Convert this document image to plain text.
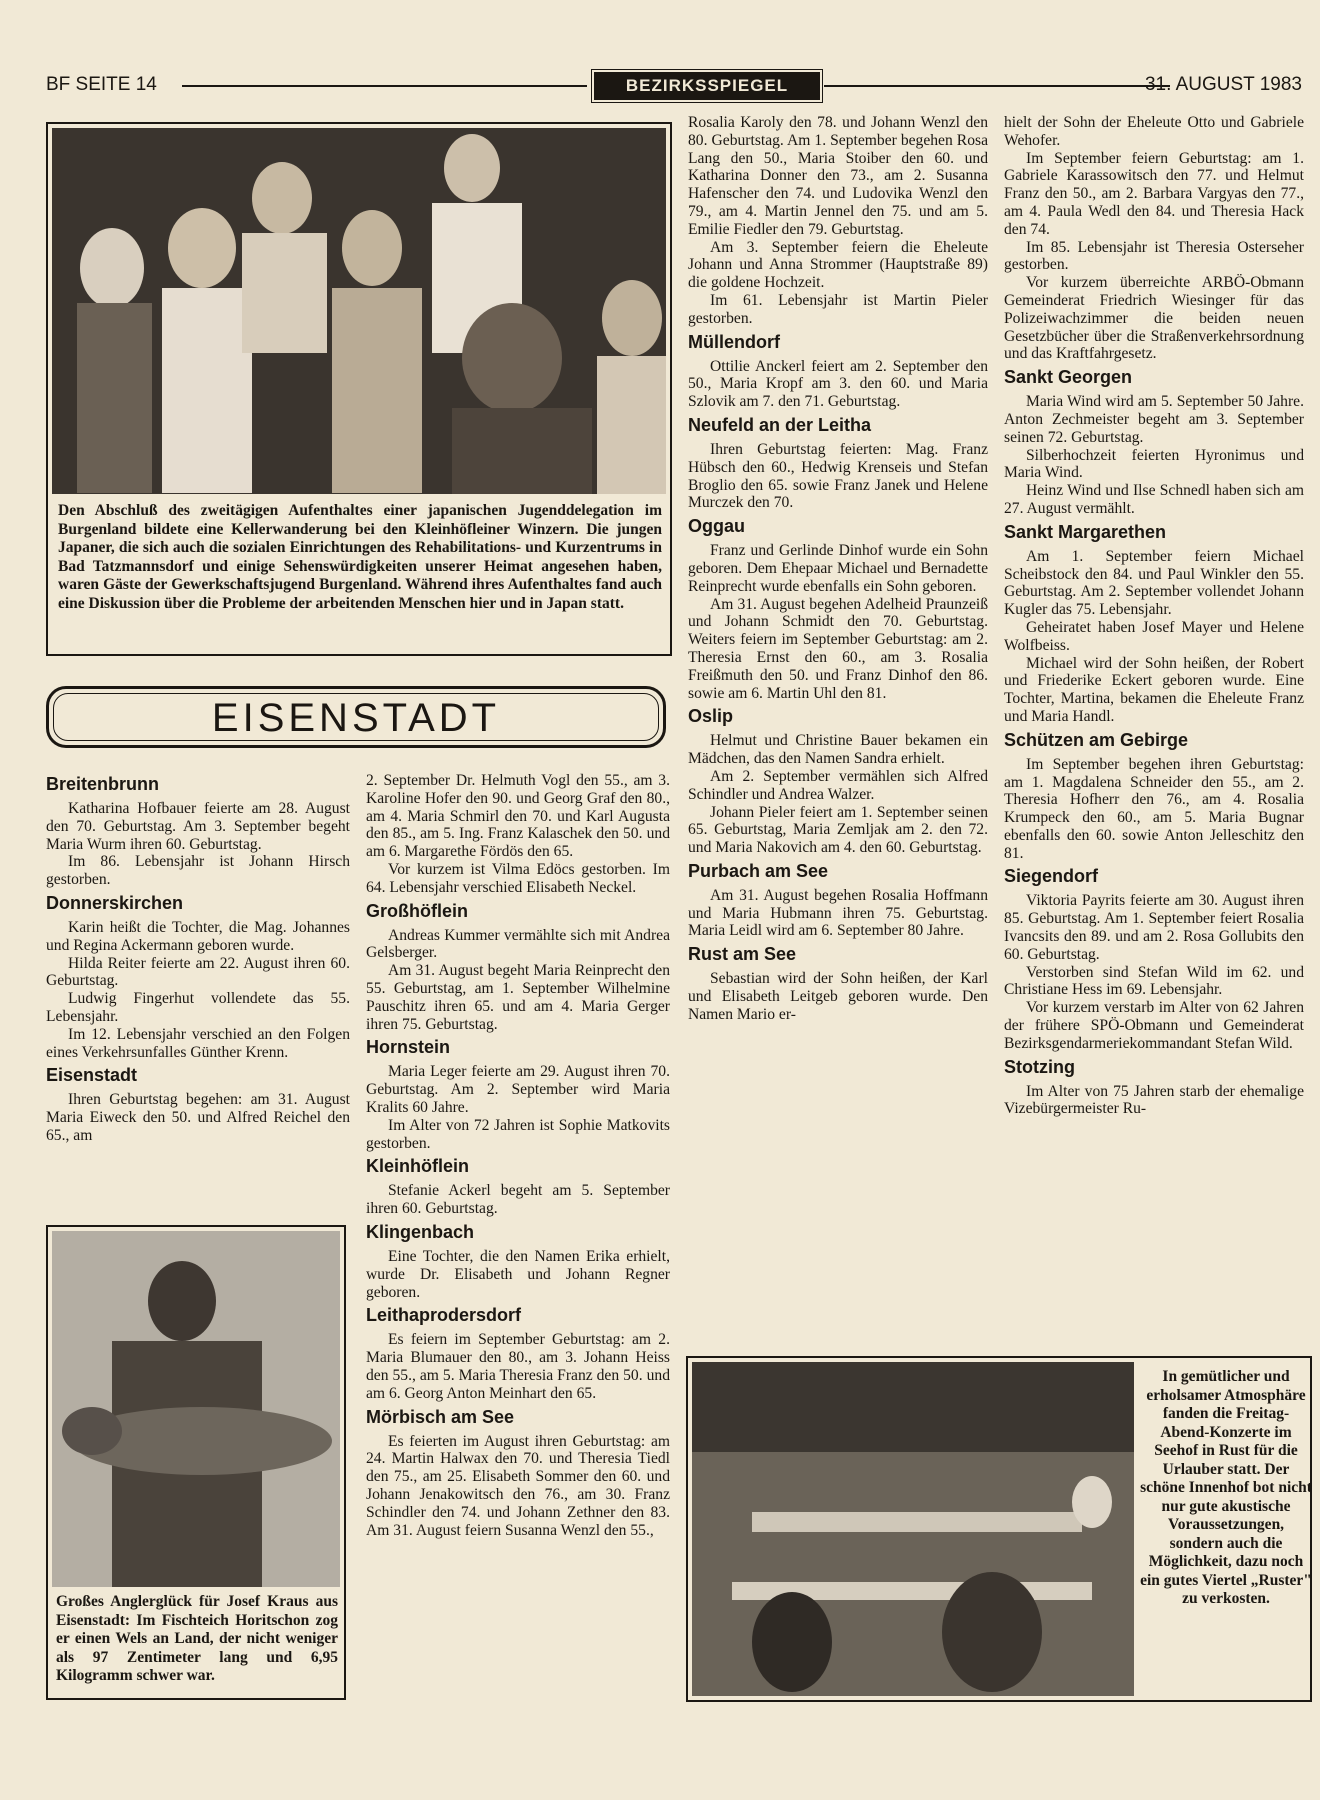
BF SEITE 14	BEZIRKSSPIEGEL	31. AUGUST 1983
Den Abschluß des zweitägigen Aufenthaltes einer japanischen Jugenddelegation im Burgenland bildete eine Kellerwanderung bei den Kleinhöfleiner Winzern. Die jungen Japaner, die sich auch die sozialen Einrichtungen des Rehabilitations- und Kurzentrums in Bad Tatzmannsdorf und einige Sehenswürdigkeiten unserer Heimat angesehen haben, waren Gäste der Gewerkschaftsjugend Burgenland. Während ihres Aufenthaltes fand auch eine Diskussion über die Probleme der arbeitenden Menschen hier und in Japan statt.
EISENSTADT
Breitenbrunn

Katharina Hofbauer feierte am 28. August den 70. Geburtstag. Am 3. September begeht Maria Wurm ihren 60. Geburtstag.

Im 86. Lebensjahr ist Johann Hirsch gestorben.

Donnerskirchen

Karin heißt die Tochter, die Mag. Johannes und Regina Ackermann geboren wurde.

Hilda Reiter feierte am 22. August ihren 60. Geburtstag.

Ludwig Fingerhut vollendete das 55. Lebensjahr.

Im 12. Lebensjahr verschied an den Folgen eines Verkehrsunfalles Günther Krenn.

Eisenstadt

Ihren Geburtstag begehen: am 31. August Maria Eiweck den 50. und Alfred Reichel den 65., am

Großes Anglerglück für Josef Kraus aus Eisenstadt: Im Fischteich Horitschon zog er einen Wels an Land, der nicht weniger als 97 Zentimeter lang und 6,95 Kilogramm schwer war.

2. September Dr. Helmuth Vogl den 55., am 3. Karoline Hofer den 90. und Georg Graf den 80., am 4. Maria Schmirl den 70. und Karl Augusta den 85., am 5. Ing. Franz Kalaschek den 50. und am 6. Margarethe Fördös den 65.

Vor kurzem ist Vilma Edöcs gestorben. Im 64. Lebensjahr verschied Elisabeth Neckel.

Großhöflein

Andreas Kummer vermählte sich mit Andrea Gelsberger.

Am 31. August begeht Maria Reinprecht den 55. Geburtstag, am 1. September Wilhelmine Pauschitz ihren 65. und am 4. Maria Gerger ihren 75. Geburtstag.

Hornstein

Maria Leger feierte am 29. August ihren 70. Geburtstag. Am 2. September wird Maria Kralits 60 Jahre.

Im Alter von 72 Jahren ist Sophie Matkovits gestorben.

Kleinhöflein

Stefanie Ackerl begeht am 5. September ihren 60. Geburtstag.

Klingenbach

Eine Tochter, die den Namen Erika erhielt, wurde Dr. Elisabeth und Johann Regner geboren.

Leithaprodersdorf

Es feiern im September Geburtstag: am 2. Maria Blumauer den 80., am 3. Johann Heiss den 55., am 5. Maria Theresia Franz den 50. und am 6. Georg Anton Meinhart den 65.

Mörbisch am See

Es feierten im August ihren Geburtstag: am 24. Martin Halwax den 70. und Theresia Tiedl den 75., am 25. Elisabeth Sommer den 60. und Johann Jenakowitsch den 76., am 30. Franz Schindler den 74. und Johann Zethner den 83. Am 31. August feiern Susanna Wenzl den 55.,

Rosalia Karoly den 78. und Johann Wenzl den 80. Geburtstag. Am 1. September begehen Rosa Lang den 50., Maria Stoiber den 60. und Katharina Donner den 73., am 2. Susanna Hafenscher den 74. und Ludovika Wenzl den 79., am 4. Martin Jennel den 75. und am 5. Emilie Fiedler den 79. Geburtstag.

Am 3. September feiern die Eheleute Johann und Anna Strommer (Hauptstraße 89) die goldene Hochzeit.

Im 61. Lebensjahr ist Martin Pieler gestorben.

Müllendorf

Ottilie Anckerl feiert am 2. September den 50., Maria Kropf am 3. den 60. und Maria Szlovik am 7. den 71. Geburtstag.

Neufeld an der Leitha

Ihren Geburtstag feierten: Mag. Franz Hübsch den 60., Hedwig Krenseis und Stefan Broglio den 65. sowie Franz Janek und Helene Murczek den 70.

Oggau

Franz und Gerlinde Dinhof wurde ein Sohn geboren. Dem Ehepaar Michael und Bernadette Reinprecht wurde ebenfalls ein Sohn geboren.

Am 31. August begehen Adelheid Praunzeiß und Johann Schmidt den 70. Geburtstag. Weiters feiern im September Geburtstag: am 2. Theresia Ernst den 60., am 3. Rosalia Freißmuth den 50. und Franz Dinhof den 86. sowie am 6. Martin Uhl den 81.

Oslip

Helmut und Christine Bauer bekamen ein Mädchen, das den Namen Sandra erhielt.

Am 2. September vermählen sich Alfred Schindler und Andrea Walzer.

Johann Pieler feiert am 1. September seinen 65. Geburtstag, Maria Zemljak am 2. den 72. und Maria Nakovich am 4. den 60. Geburtstag.

Purbach am See

Am 31. August begehen Rosalia Hoffmann und Maria Hubmann ihren 75. Geburtstag. Maria Leidl wird am 6. September 80 Jahre.

Rust am See

Sebastian wird der Sohn heißen, der Karl und Elisabeth Leitgeb geboren wurde. Den Namen Mario er-

hielt der Sohn der Eheleute Otto und Gabriele Wehofer.

Im September feiern Geburtstag: am 1. Gabriele Karassowitsch den 77. und Helmut Franz den 50., am 2. Barbara Vargyas den 77., am 4. Paula Wedl den 84. und Theresia Hack den 74.

Im 85. Lebensjahr ist Theresia Osterseher gestorben.

Vor kurzem überreichte ARBÖ-Obmann Gemeinderat Friedrich Wiesinger für das Polizeiwachzimmer die beiden neuen Gesetzbücher über die Straßenverkehrsordnung und das Kraftfahrgesetz.

Sankt Georgen

Maria Wind wird am 5. September 50 Jahre. Anton Zechmeister begeht am 3. September seinen 72. Geburtstag.

Silberhochzeit feierten Hyronimus und Maria Wind.

Heinz Wind und Ilse Schnedl haben sich am 27. August vermählt.

Sankt Margarethen

Am 1. September feiern Michael Scheibstock den 84. und Paul Winkler den 55. Geburtstag. Am 2. September vollendet Johann Kugler das 75. Lebensjahr.

Geheiratet haben Josef Mayer und Helene Wolfbeiss.

Michael wird der Sohn heißen, der Robert und Friederike Eckert geboren wurde. Eine Tochter, Martina, bekamen die Eheleute Franz und Maria Handl.

Schützen am Gebirge

Im September begehen ihren Geburtstag: am 1. Magdalena Schneider den 55., am 2. Theresia Hofherr den 76., am 4. Rosalia Krumpeck den 60., am 5. Maria Bugnar ebenfalls den 60. sowie Anton Jelleschitz den 81.

Siegendorf

Viktoria Payrits feierte am 30. August ihren 85. Geburtstag. Am 1. September feiert Rosalia Ivancsits den 89. und am 2. Rosa Gollubits den 60. Geburtstag.

Verstorben sind Stefan Wild im 62. und Christiane Hess im 69. Lebensjahr.

Vor kurzem verstarb im Alter von 62 Jahren der frühere SPÖ-Obmann und Gemeinderat Bezirksgendarmeriekommandant Stefan Wild.

Stotzing

Im Alter von 75 Jahren starb der ehemalige Vizebürgermeister Ru-

In gemütlicher und erholsamer Atmosphäre fanden die Freitag-Abend-Konzerte im Seehof in Rust für die Urlauber statt. Der schöne Innenhof bot nicht nur gute akustische Voraussetzungen, sondern auch die Möglichkeit, dazu noch ein gutes Viertel „Ruster" zu verkosten.
